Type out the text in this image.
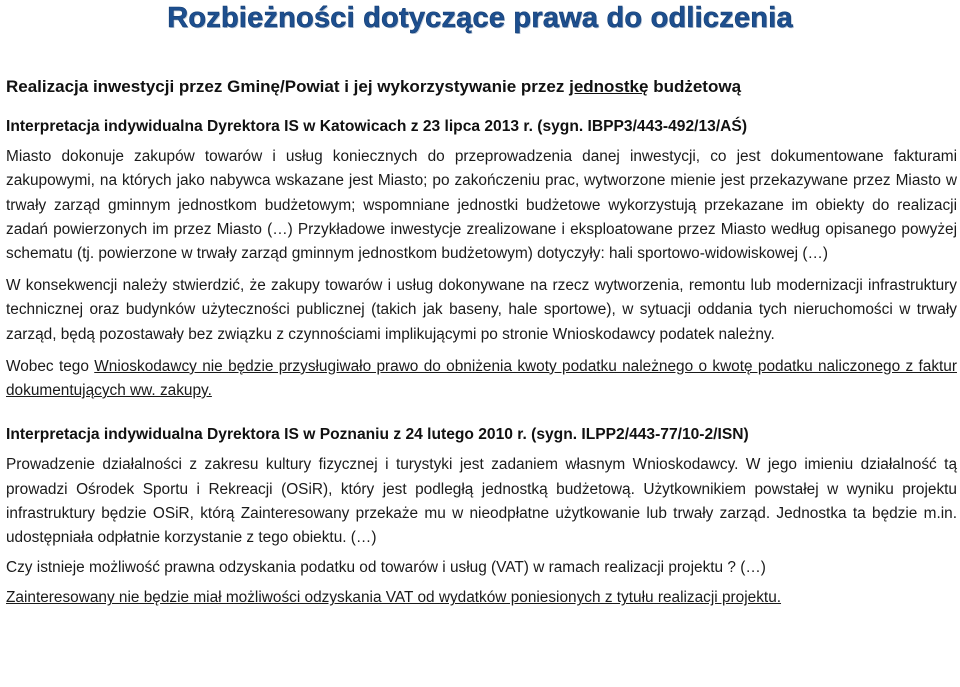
Rozbieżności dotyczące prawa do odliczenia
Realizacja inwestycji przez Gminę/Powiat i jej wykorzystywanie przez jednostkę budżetową
Interpretacja indywidualna Dyrektora IS w Katowicach z 23 lipca 2013 r. (sygn. IBPP3/443-492/13/AŚ)
Miasto dokonuje zakupów towarów i usług koniecznych do przeprowadzenia danej inwestycji, co jest dokumentowane fakturami zakupowymi, na których jako nabywca wskazane jest Miasto; po zakończeniu prac, wytworzone mienie jest przekazywane przez Miasto w trwały zarząd gminnym jednostkom budżetowym; wspomniane jednostki budżetowe wykorzystują przekazane im obiekty do realizacji zadań powierzonych im przez Miasto (…) Przykładowe inwestycje zrealizowane i eksploatowane przez Miasto według opisanego powyżej schematu (tj. powierzone w trwały zarząd gminnym jednostkom budżetowym) dotyczyły: hali sportowo-widowiskowej (…)
W konsekwencji należy stwierdzić, że zakupy towarów i usług dokonywane na rzecz wytworzenia, remontu lub modernizacji infrastruktury technicznej oraz budynków użyteczności publicznej (takich jak baseny, hale sportowe), w sytuacji oddania tych nieruchomości w trwały zarząd, będą pozostawały bez związku z czynnościami implikującymi po stronie Wnioskodawcy podatek należny.
Wobec tego Wnioskodawcy nie będzie przysługiwało prawo do obniżenia kwoty podatku należnego o kwotę podatku naliczonego z faktur dokumentujących ww. zakupy.
Interpretacja indywidualna Dyrektora IS w Poznaniu z 24 lutego 2010 r. (sygn. ILPP2/443-77/10-2/ISN)
Prowadzenie działalności z zakresu kultury fizycznej i turystyki jest zadaniem własnym Wnioskodawcy. W jego imieniu działalność tą prowadzi Ośrodek Sportu i Rekreacji (OSiR), który jest podległą jednostką budżetową. Użytkownikiem powstałej w wyniku projektu infrastruktury będzie OSiR, którą Zainteresowany przekaże mu w nieodpłatne użytkowanie lub trwały zarząd. Jednostka ta będzie m.in. udostępniała odpłatnie korzystanie z tego obiektu. (…)
Czy istnieje możliwość prawna odzyskania podatku od towarów i usług (VAT) w ramach realizacji projektu ? (…)
Zainteresowany nie będzie miał możliwości odzyskania VAT od wydatków poniesionych z tytułu realizacji projektu.
